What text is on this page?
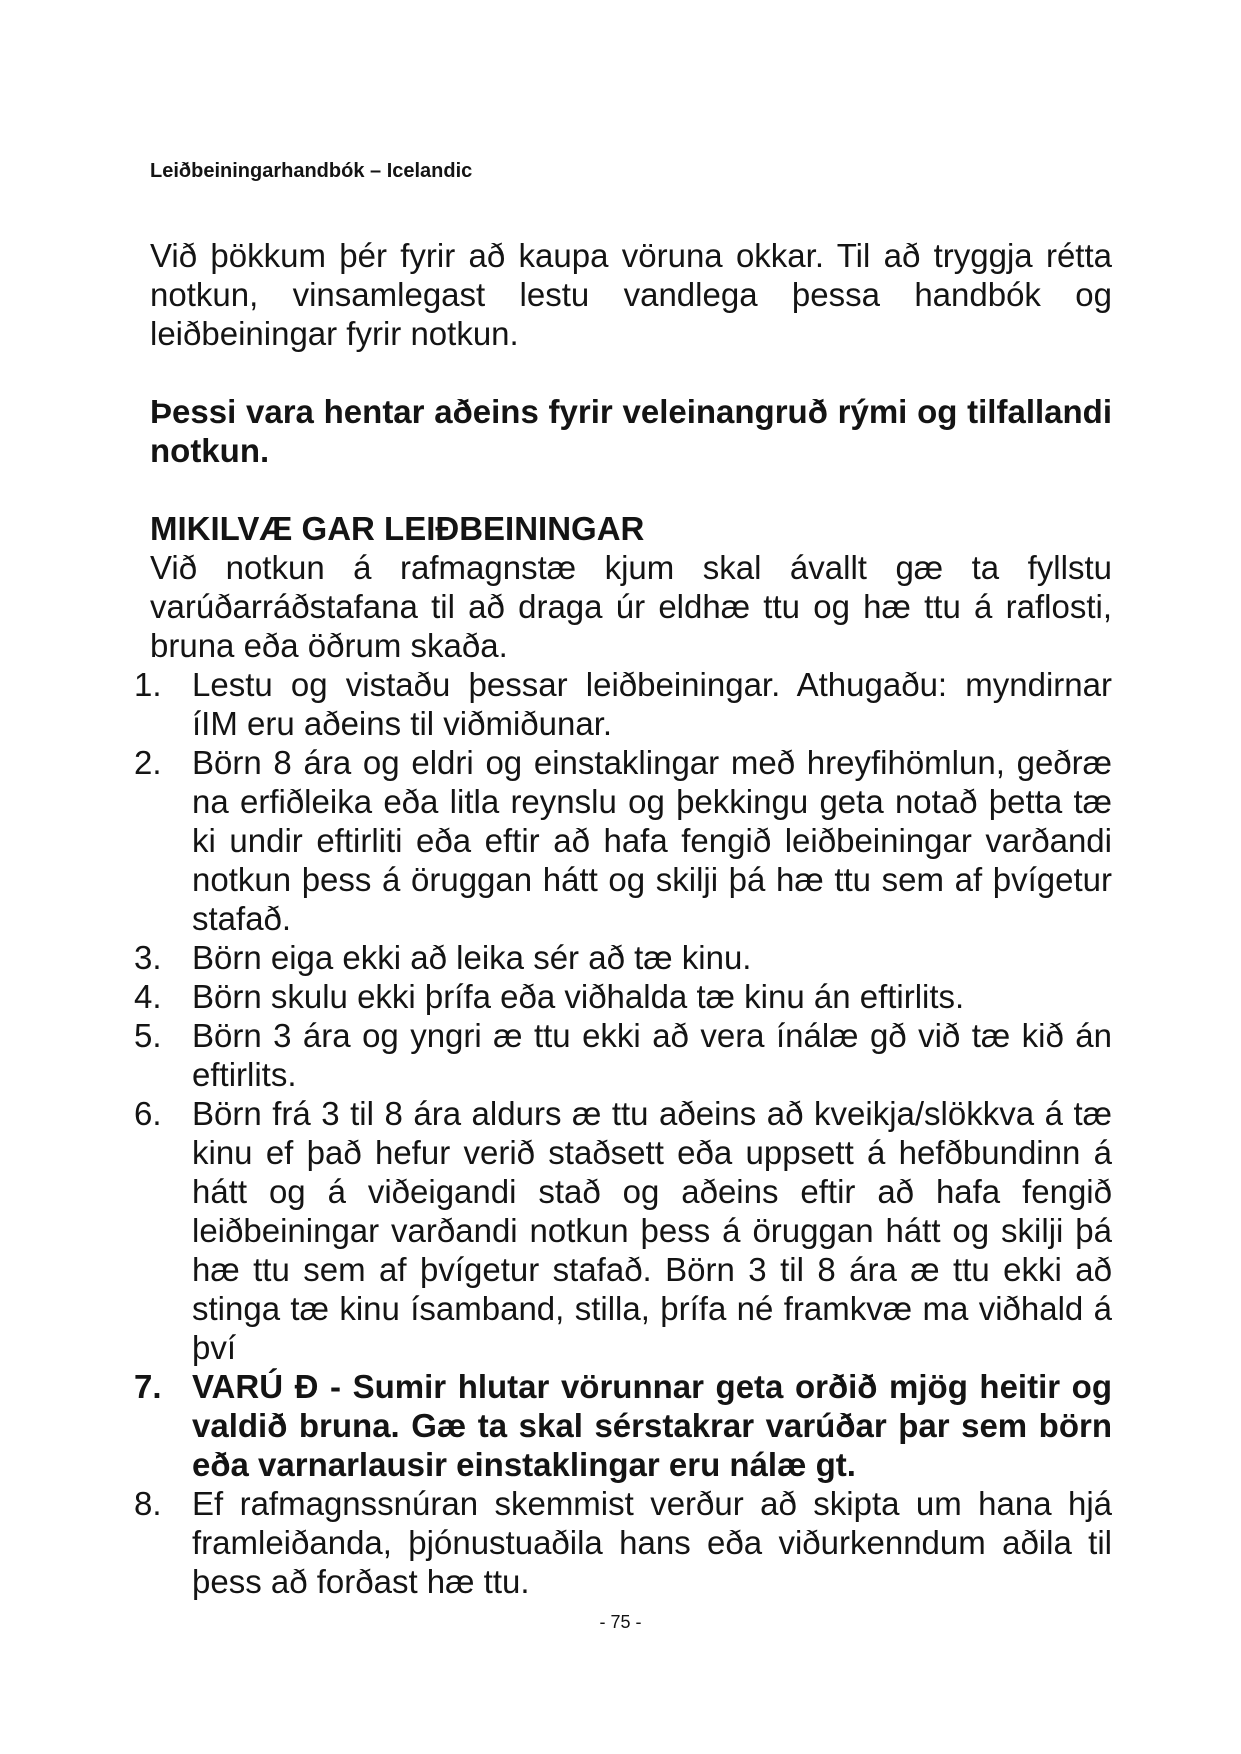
Leiðbeiningarhandbók – Icelandic

Við þökkum þér fyrir að kaupa vöruna okkar. Til að tryggja rétta notkun, vinsamlegast lestu vandlega þessa handbók og leiðbeiningar fyrir notkun.

Þessi vara hentar aðeins fyrir veleinangruð rými og tilfallandi notkun.

MIKILVÆ GAR LEIÐBEININGAR

Við notkun á rafmagnstæ kjum skal ávallt gæ ta fyllstu varúðarráðstafana til að draga úr eldhæ ttu og hæ ttu á raflosti, bruna eða öðrum skaða.

1. Lestu og vistaðu þessar leiðbeiningar. Athugaðu: myndirnar íIM eru aðeins til viðmiðunar.
2. Börn 8 ára og eldri og einstaklingar með hreyfihömlun, geðræ na erfiðleika eða litla reynslu og þekkingu geta notað þetta tæ ki undir eftirliti eða eftir að hafa fengið leiðbeiningar varðandi notkun þess á öruggan hátt og skilji þá hæ ttu sem af þvígetur stafað.
3. Börn eiga ekki að leika sér að tæ kinu.
4. Börn skulu ekki þrífa eða viðhalda tæ kinu án eftirlits.
5. Börn 3 ára og yngri æ ttu ekki að vera ínálæ gð við tæ kið án eftirlits.
6. Börn frá 3 til 8 ára aldurs æ ttu aðeins að kveikja/slökkva á tæ kinu ef það hefur verið staðsett eða uppsett á hefðbundinn á hátt og á viðeigandi stað og aðeins eftir að hafa fengið leiðbeiningar varðandi notkun þess á öruggan hátt og skilji þá hæ ttu sem af þvígetur stafað. Börn 3 til 8 ára æ ttu ekki að stinga tæ kinu ísamband, stilla, þrífa né framkvæ ma viðhald á því
7. VARÚ Ð - Sumir hlutar vörunnar geta orðið mjög heitir og valdið bruna. Gæ ta skal sérstakrar varúðar þar sem börn eða varnarlausir einstaklingar eru nálæ gt.
8. Ef rafmagnssnúran skemmist verður að skipta um hana hjá framleiðanda, þjónustuaðila hans eða viðurkenndum aðila til þess að forðast hæ ttu.
- 75 -
